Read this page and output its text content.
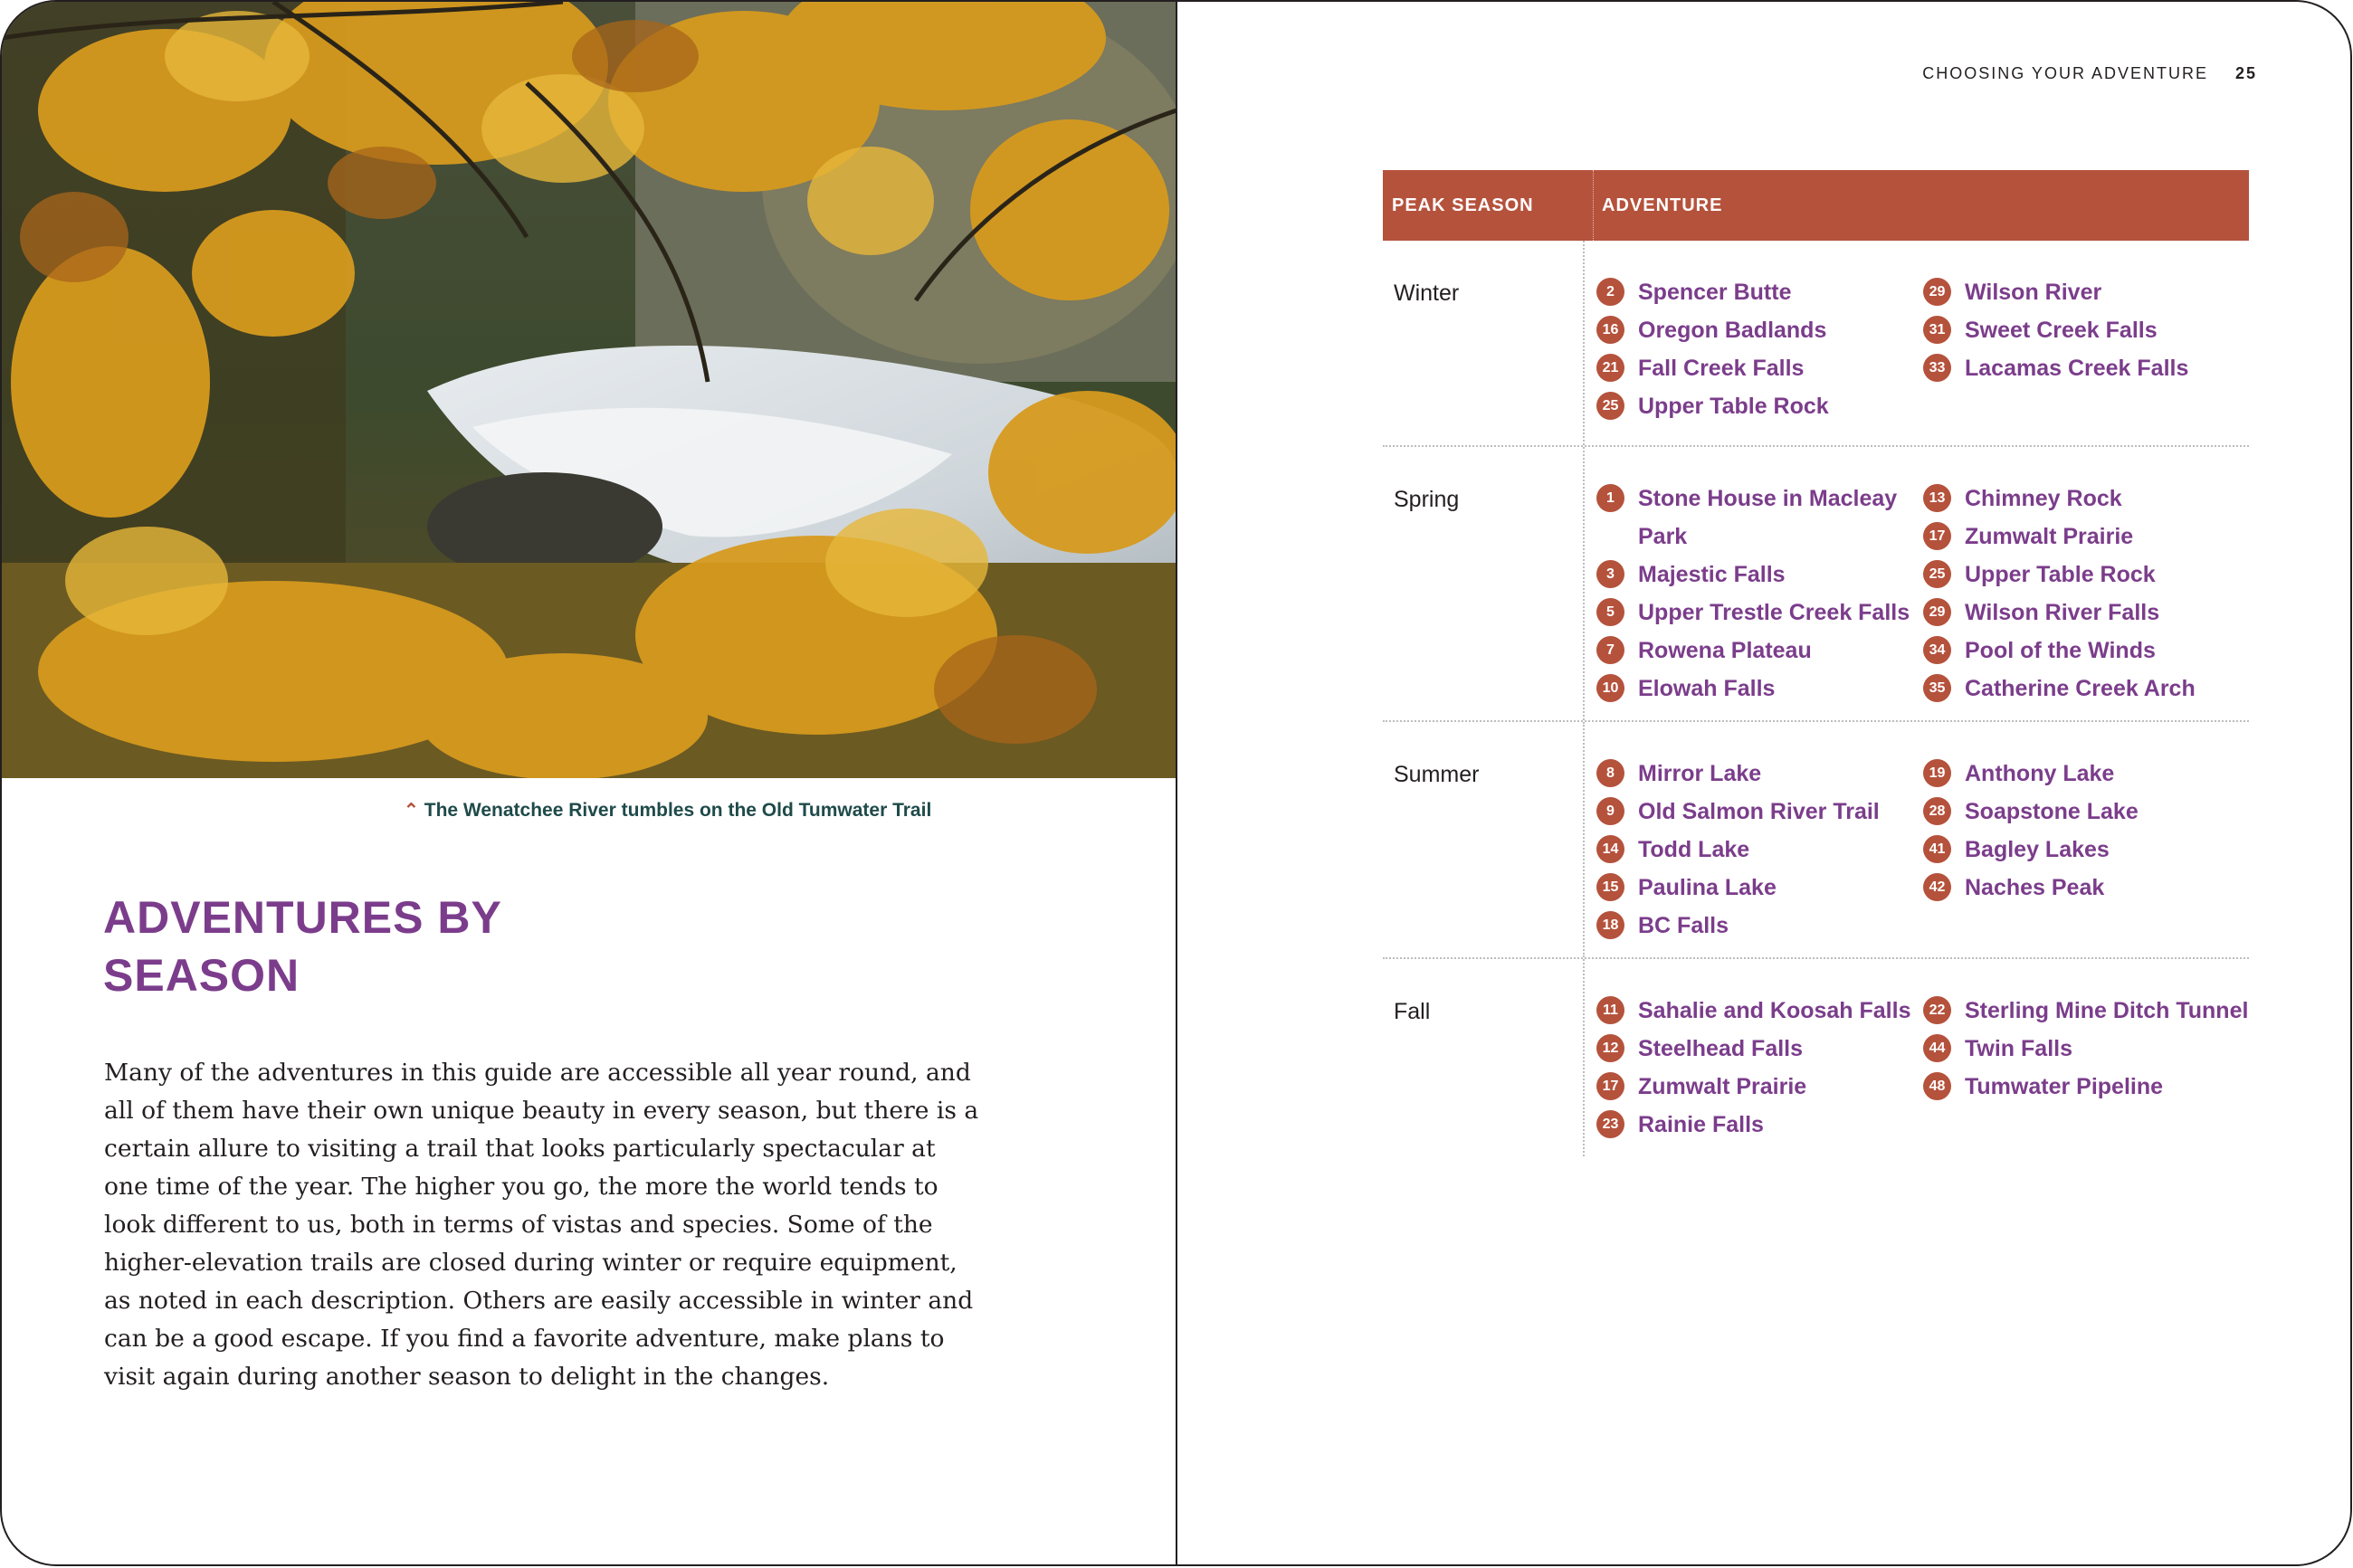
⌃ The Wenatchee River tumbles on the Old Tumwater Trail
ADVENTURES BY
SEASON
Many of the adventures in this guide are accessible all year round, and all of them have their own unique beauty in every season, but there is a certain allure to visiting a trail that looks particularly spectacular at one time of the year. The higher you go, the more the world tends to look different to us, both in terms of vistas and species. Some of the higher-elevation trails are closed during winter or require equipment, as noted in each description. Others are easily accessible in winter and can be a good escape. If you find a favorite adventure, make plans to visit again during another season to delight in the changes.
CHOOSING YOUR ADVENTURE 25
PEAK SEASON	ADVENTURE
Winter	2	Spencer Butte
16 Oregon Badlands
21 Fall Creek Falls
25 Upper Table Rock
29 Wilson River
31 Sweet Creek Falls
33 Lacamas Creek Falls
Spring	1	Stone House in Macleay Park
3	Majestic Falls
5	Upper Trestle Creek Falls
7	Rowena Plateau
10 Elowah Falls
13 Chimney Rock
17 Zumwalt Prairie
25 Upper Table Rock
29 Wilson River Falls
34 Pool of the Winds
35 Catherine Creek Arch
Summer	8	Mirror Lake
9	Old Salmon River Trail
14 Todd Lake
15 Paulina Lake
18 BC Falls
19 Anthony Lake
28 Soapstone Lake
41 Bagley Lakes
42 Naches Peak
Fall	11 Sahalie and Koosah Falls
12 Steelhead Falls
17 Zumwalt Prairie
23 Rainie Falls
22 Sterling Mine Ditch Tunnel
44 Twin Falls
48 Tumwater Pipeline
